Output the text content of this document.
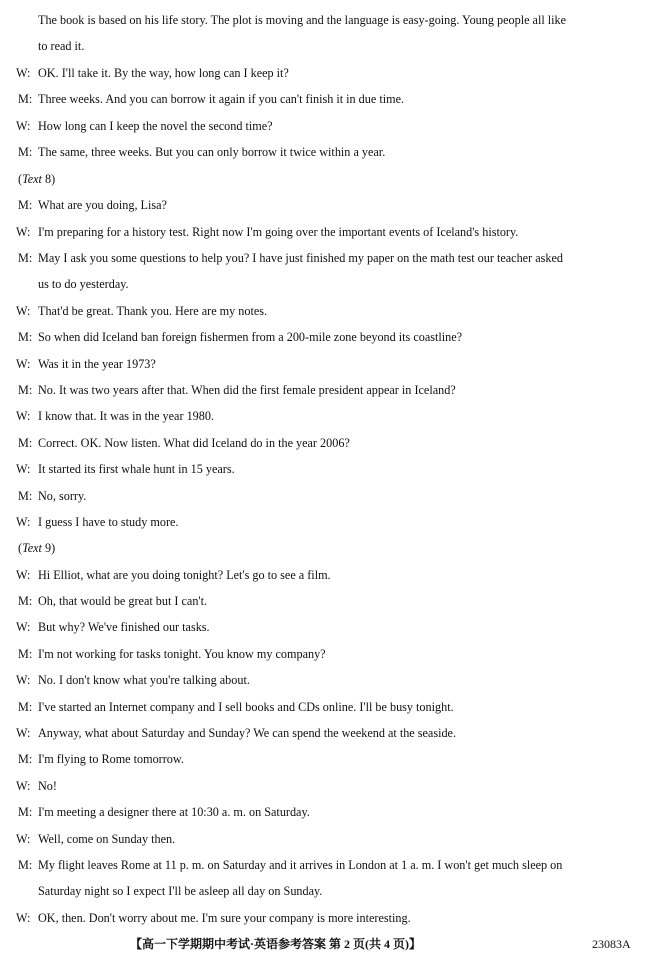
The book is based on his life story. The plot is moving and the language is easy-going. Young people all like
to read it.
W: OK. I'll take it. By the way, how long can I keep it?
M: Three weeks. And you can borrow it again if you can't finish it in due time.
W: How long can I keep the novel the second time?
M: The same, three weeks. But you can only borrow it twice within a year.
(Text 8)
M: What are you doing, Lisa?
W: I'm preparing for a history test. Right now I'm going over the important events of Iceland's history.
M: May I ask you some questions to help you? I have just finished my paper on the math test our teacher asked
us to do yesterday.
W: That'd be great. Thank you. Here are my notes.
M: So when did Iceland ban foreign fishermen from a 200-mile zone beyond its coastline?
W: Was it in the year 1973?
M: No. It was two years after that. When did the first female president appear in Iceland?
W: I know that. It was in the year 1980.
M: Correct. OK. Now listen. What did Iceland do in the year 2006?
W: It started its first whale hunt in 15 years.
M: No, sorry.
W: I guess I have to study more.
(Text 9)
W: Hi Elliot, what are you doing tonight? Let's go to see a film.
M: Oh, that would be great but I can't.
W: But why? We've finished our tasks.
M: I'm not working for tasks tonight. You know my company?
W: No. I don't know what you're talking about.
M: I've started an Internet company and I sell books and CDs online. I'll be busy tonight.
W: Anyway, what about Saturday and Sunday? We can spend the weekend at the seaside.
M: I'm flying to Rome tomorrow.
W: No!
M: I'm meeting a designer there at 10:30 a. m. on Saturday.
W: Well, come on Sunday then.
M: My flight leaves Rome at 11 p. m. on Saturday and it arrives in London at 1 a. m. I won't get much sleep on
Saturday night so I expect I'll be asleep all day on Sunday.
W: OK, then. Don't worry about me. I'm sure your company is more interesting.
【高一下学期期中考试·英语参考答案 第 2 页(共 4 页)】	23083A
